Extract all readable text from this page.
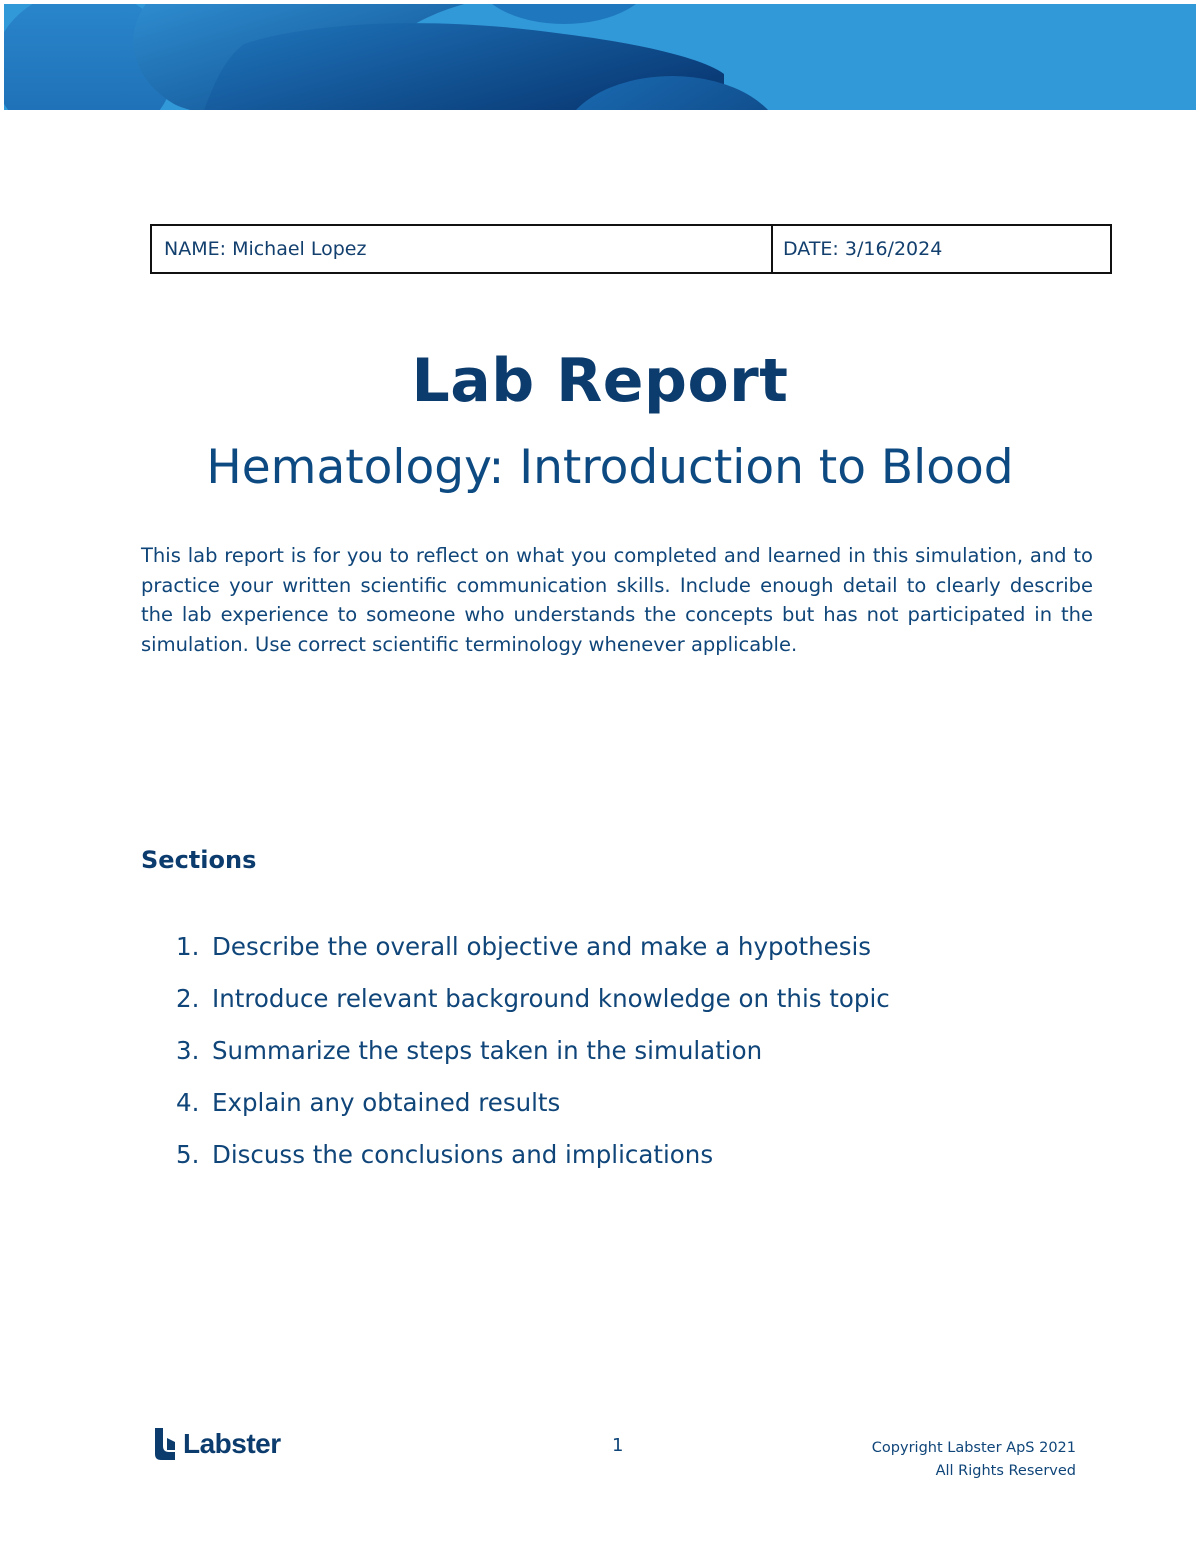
NAME: Michael Lopez	DATE: 3/16/2024
Lab Report
Hematology: Introduction to Blood

This lab report is for you to reflect on what you completed and learned in this simulation, and to practice your written scientific communication skills. Include enough detail to clearly describe the lab experience to someone who understands the concepts but has not participated in the simulation. Use correct scientific terminology whenever applicable.

Sections
1. Describe the overall objective and make a hypothesis
2. Introduce relevant background knowledge on this topic
3. Summarize the steps taken in the simulation
4. Explain any obtained results
5. Discuss the conclusions and implications
Labster	1	Copyright Labster ApS 2021
All Rights Reserved
